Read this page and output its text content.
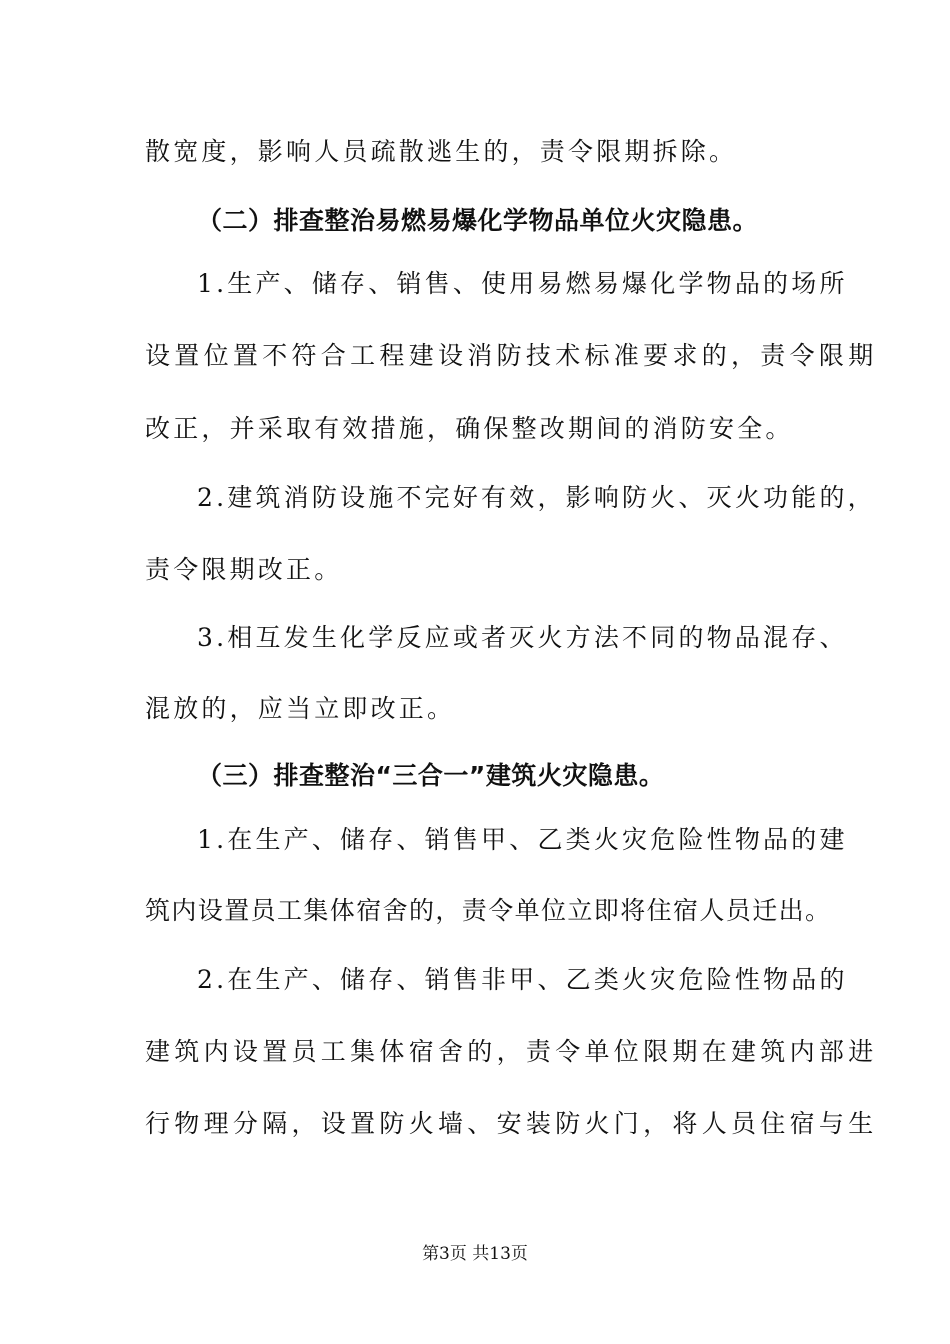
散宽度，影响人员疏散逃生的，责令限期拆除。
（二）排查整治易燃易爆化学物品单位火灾隐患。
1.生产、储存、销售、使用易燃易爆化学物品的场所
设置位置不符合工程建设消防技术标准要求的，责令限期
改正，并采取有效措施，确保整改期间的消防安全。
2.建筑消防设施不完好有效，影响防火、灭火功能的，
责令限期改正。
3.相互发生化学反应或者灭火方法不同的物品混存、
混放的，应当立即改正。
（三）排查整治“三合一”建筑火灾隐患。
1.在生产、储存、销售甲、乙类火灾危险性物品的建
筑内设置员工集体宿舍的，责令单位立即将住宿人员迁出。
2.在生产、储存、销售非甲、乙类火灾危险性物品的
建筑内设置员工集体宿舍的，责令单位限期在建筑内部进
行物理分隔，设置防火墙、安装防火门，将人员住宿与生
第3页 共13页
